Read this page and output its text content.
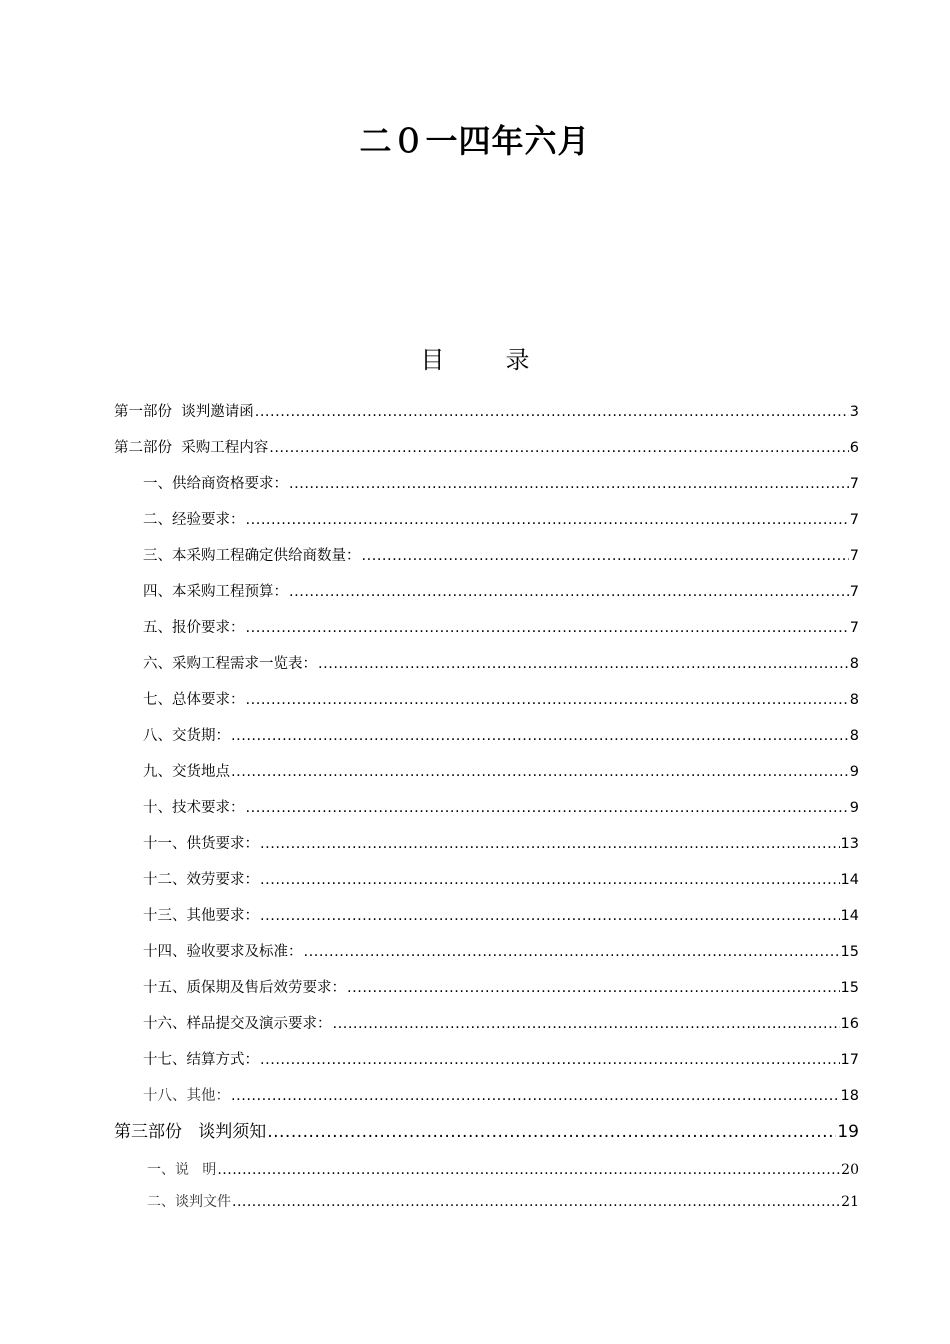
二０一四年六月
目        录
第一部份  谈判邀请函 .....	3
第二部份  采购工程内容 .....	6
一、供给商资格要求： .....	7
二、经验要求： .....	7
三、本采购工程确定供给商数量： .....	7
四、本采购工程预算： .....	7
五、报价要求： .....	7
六、采购工程需求一览表： .....	8
七、总体要求： .....	8
八、交货期： .....	8
九、交货地点 .....	9
十、技术要求： .....	9
十一、供货要求： .....	13
十二、效劳要求： .....	14
十三、其他要求： .....	14
十四、验收要求及标准： .....	15
十五、质保期及售后效劳要求： .....	15
十六、样品提交及演示要求： .....	16
十七、结算方式： .....	17
十八、其他： .....	18
第三部份   谈判须知 .....	19
一、说   明 .....	20
二、谈判文件 .....	21
